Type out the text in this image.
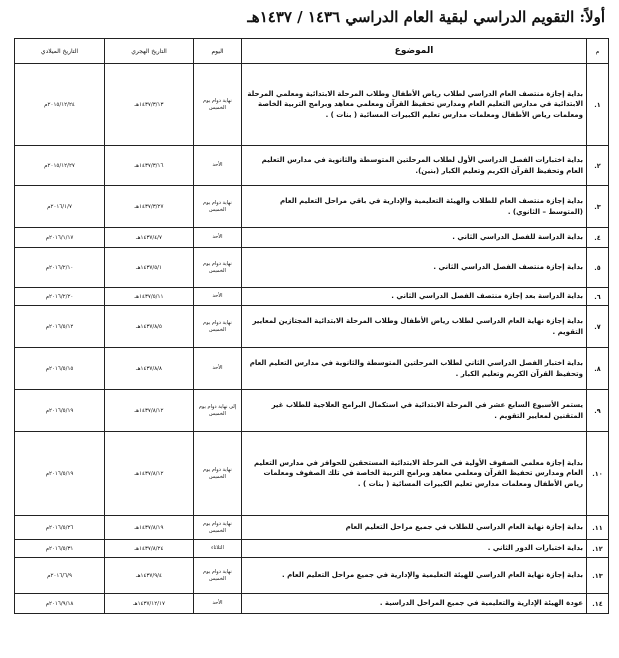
أولاً: التقويم الدراسي لبقية العام الدراسي ١٤٣٦ / ١٤٣٧هـ
م	الموضوع	اليوم	التاريخ الهجري	التاريخ الميلادي
١ .	بداية إجازة منتصف العام الدراسي لطلاب رياض الأطفال وطلاب المرحلة الابتدائية ومعلمي المرحلة الابتدائية في مدارس التعليم العام ومدارس تحفيظ القرآن ومعلمي معاهد وبرامج التربية الخاصة ومعلمات رياض الأطفال ومعلمات مدارس تعليم الكبيرات المسائية ( بنات ) .	نهاية دوام يوم الخميس	١٤٣٧/٣/١٣هـ	٢٠١٥/١٢/٢٤م
٢ .	بداية اختبارات الفصل الدراسي الأول لطلاب المرحلتين المتوسطة والثانوية في مدارس التعليم العام وتحفيظ القرآن الكريم وتعليم الكبار (بنين).	الأحد	١٤٣٧/٣/١٦هـ	٢٠١٥/١٢/٢٧م
٣ .	بداية إجازة منتصف العام للطلاب والهيئة التعليمية والإدارية في باقي مراحل التعليم العام (المتوسط – الثانوي) .	نهاية دوام يوم الخميس	١٤٣٧/٣/٢٧هـ	٢٠١٦/١/٧م
٤ .	بداية الدراسة للفصل الدراسي الثاني .	الأحد	١٤٣٧/٤/٧هـ	٢٠١٦/١/١٧م
٥ .	بداية إجازة منتصف الفصل الدراسي الثاني .	نهاية دوام يوم الخميس	١٤٣٧/٥/١هـ	٢٠١٦/٢/١٠م
٦ .	بداية الدراسة بعد إجازة منتصف الفصل الدراسي الثاني .	الأحد	١٤٣٧/٥/١١هـ	٢٠١٦/٢/٢٠م
٧ .	بداية إجازة نهاية العام الدراسي لطلاب رياض الأطفال وطلاب المرحلة الابتدائية المجتازين لمعايير التقويم .	نهاية دوام يوم الخميس	١٤٣٧/٨/٥هـ	٢٠١٦/٥/١٢م
٨ .	بداية اختبار الفصل الدراسي الثاني لطلاب المرحلتين المتوسطة والثانوية في مدارس التعليم العام وتحفيظ القرآن الكريم وتعليم الكبار .	الأحد	١٤٣٧/٨/٨هـ	٢٠١٦/٥/١٥م
٩ .	يستمر الأسبوع السابع عشر في المرحلة الابتدائية في استكمال البرامج العلاجية للطلاب غير المتقنين لمعايير التقويم .	إلى نهاية دوام يوم الخميس	١٤٣٧/٨/١٢هـ	٢٠١٦/٥/١٩م
١٠ .	بداية إجازة معلمي الصفوف الأولية في المرحلة الابتدائية المستحقين للحوافز في مدارس التعليم العام ومدارس تحفيظ القرآن ومعلمي معاهد وبرامج التربية الخاصة في تلك الصفوف ومعلمات رياض الأطفال ومعلمات مدارس تعليم الكبيرات المسائية ( بنات ) .	نهاية دوام يوم الخميس	١٤٣٧/٨/١٢هـ	٢٠١٦/٥/١٩م
١١ .	بداية إجازة نهاية العام الدراسي للطلاب في جميع مراحل التعليم العام	نهاية دوام يوم الخميس	١٤٣٧/٨/١٩هـ	٢٠١٦/٥/٢٦م
١٢ .	بداية اختبارات الدور الثاني .	الثلاثاء	١٤٣٧/٨/٢٤هـ	٢٠١٦/٥/٣١م
١٣ .	بداية إجازة نهاية العام الدراسي للهيئة التعليمية والإدارية في جميع مراحل التعليم العام .	نهاية دوام يوم الخميس	١٤٣٧/٩/٤هـ	٢٠١٦/٦/٩م
١٤ .	عودة الهيئة الإدارية والتعليمية في جميع المراحل الدراسية .	الأحد	١٤٣٧/١٢/١٧هـ	٢٠١٦/٩/١٨م
